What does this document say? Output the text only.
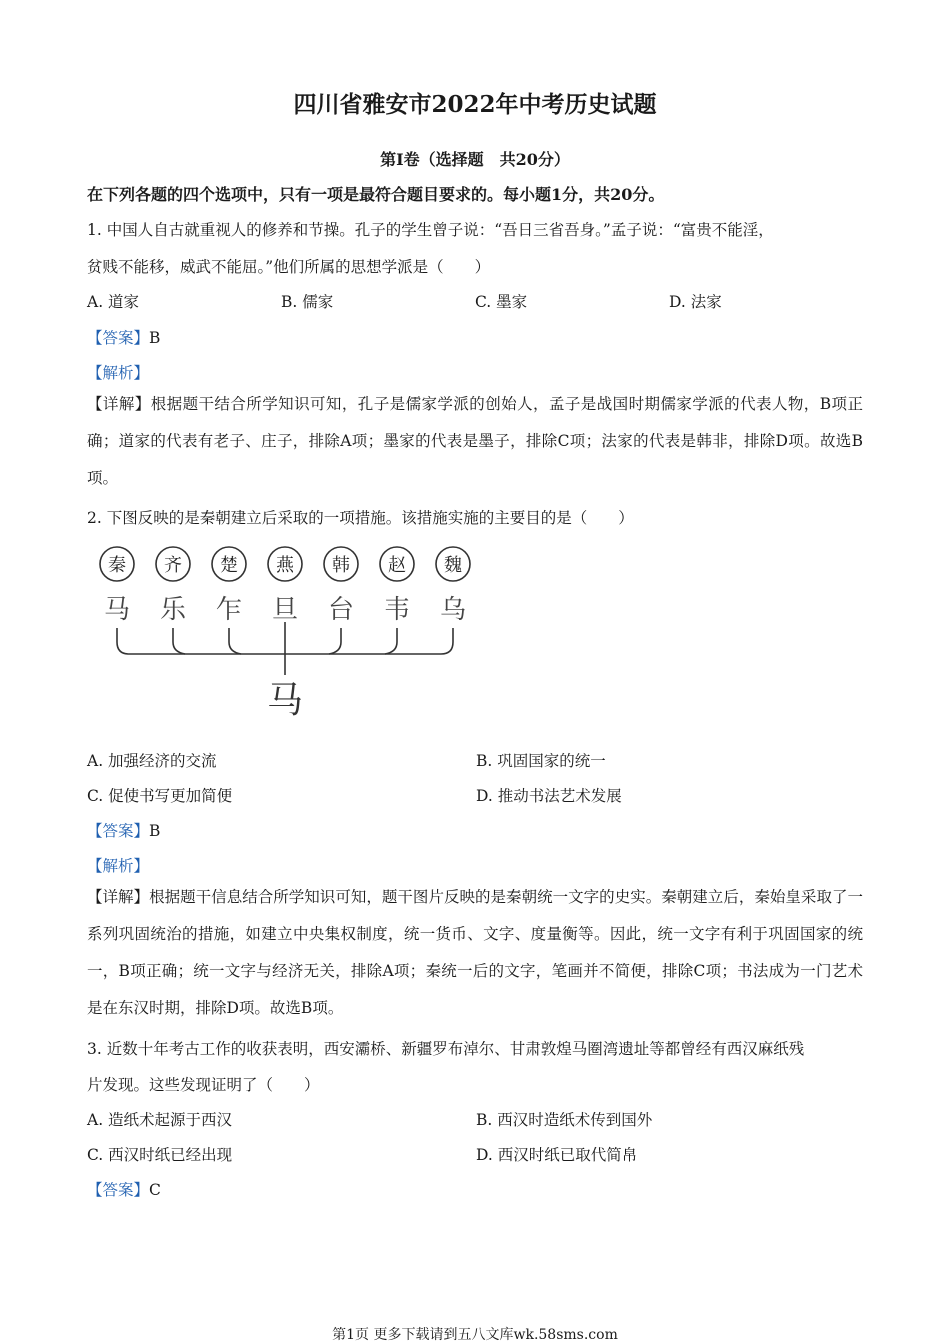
四川省雅安市2022年中考历史试题
第Ⅰ卷（选择题　共20分）
在下列各题的四个选项中，只有一项是最符合题目要求的。每小题1分，共20分。
1. 中国人自古就重视人的修养和节操。孔子的学生曾子说：“吾日三省吾身。”孟子说：“富贵不能淫，
贫贱不能移，威武不能屈。”他们所属的思想学派是（　　）
A. 道家	B. 儒家	C. 墨家	D. 法家
【答案】B
【解析】
【详解】根据题干结合所学知识可知，孔子是儒家学派的创始人，孟子是战国时期儒家学派的代表人物，B项正确；道家的代表有老子、庄子，排除A项；墨家的代表是墨子，排除C项；法家的代表是韩非，排除D项。故选B项。
2. 下图反映的是秦朝建立后采取的一项措施。该措施实施的主要目的是（　　）
秦
马
齐
乐
楚
乍
燕
旦
韩
台
赵
韦
魏
乌
马
A. 加强经济的交流	B. 巩固国家的统一
C. 促使书写更加简便	D. 推动书法艺术发展
【答案】B
【解析】
【详解】根据题干信息结合所学知识可知，题干图片反映的是秦朝统一文字的史实。秦朝建立后，秦始皇采取了一系列巩固统治的措施，如建立中央集权制度，统一货币、文字、度量衡等。因此，统一文字有利于巩固国家的统一，B项正确；统一文字与经济无关，排除A项；秦统一后的文字，笔画并不简便，排除C项；书法成为一门艺术是在东汉时期，排除D项。故选B项。
3. 近数十年考古工作的收获表明，西安灞桥、新疆罗布淖尔、甘肃敦煌马圈湾遗址等都曾经有西汉麻纸残
片发现。这些发现证明了（　　）
A. 造纸术起源于西汉	B. 西汉时造纸术传到国外
C. 西汉时纸已经出现	D. 西汉时纸已取代简帛
【答案】C
第1页 更多下载请到五八文库wk.58sms.com
